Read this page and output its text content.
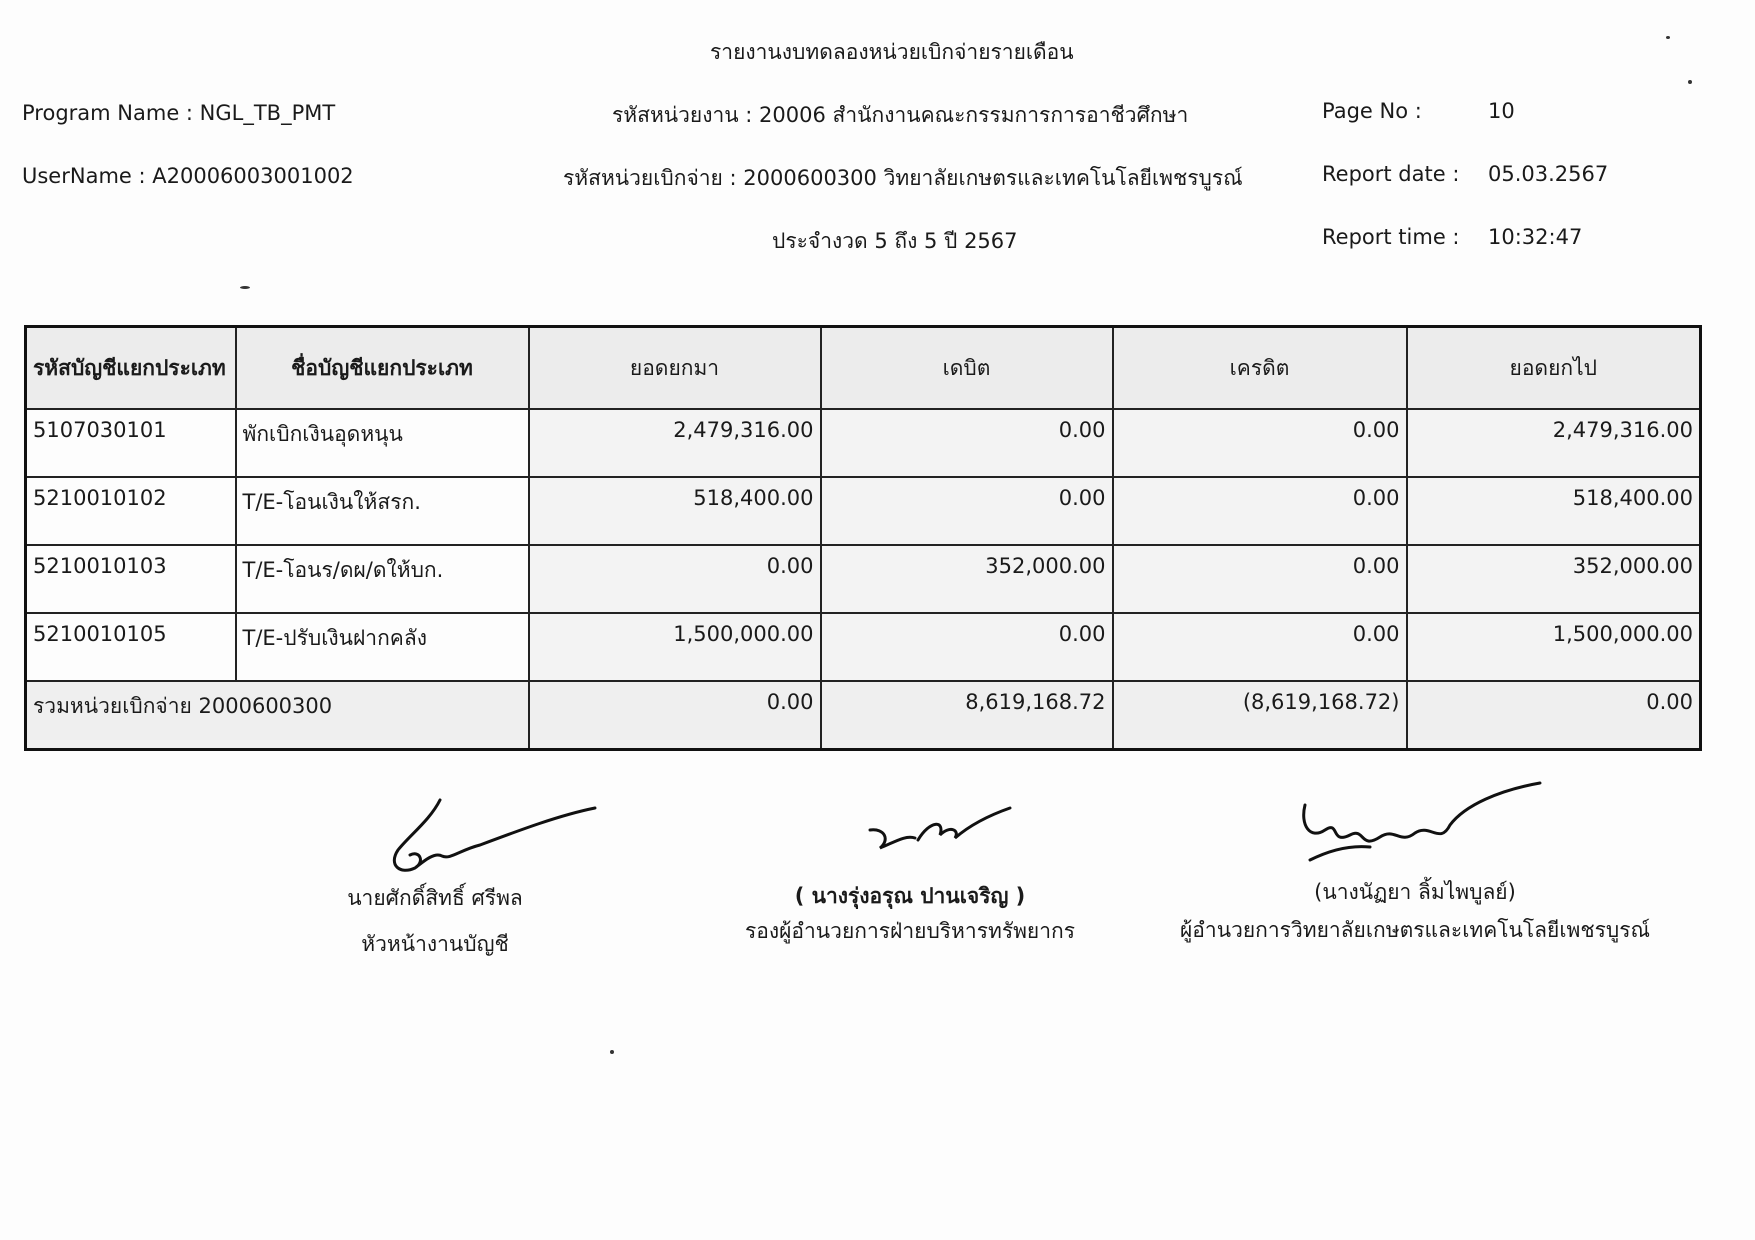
รายงานงบทดลองหน่วยเบิกจ่ายรายเดือน
Program Name : NGL_TB_PMT
UserName : A20006003001002
รหัสหน่วยงาน : 20006 สำนักงานคณะกรรมการการอาชีวศึกษา
รหัสหน่วยเบิกจ่าย : 2000600300 วิทยาลัยเกษตรและเทคโนโลยีเพชรบูรณ์
ประจำงวด 5 ถึง 5 ปี 2567
Page No :	10
Report date : 05.03.2567
Report time : 10:32:47
รหัสบัญชีแยกประเภท	ชื่อบัญชีแยกประเภท	ยอดยกมา	เดบิต	เครดิต	ยอดยกไป
5107030101	พักเบิกเงินอุดหนุน	2,479,316.00	0.00	0.00	2,479,316.00
5210010102	T/E-โอนเงินให้สรก.	518,400.00	0.00	0.00	518,400.00
5210010103	T/E-โอนร/ดผ/ดให้บก.	0.00	352,000.00	0.00	352,000.00
5210010105	T/E-ปรับเงินฝากคลัง	1,500,000.00	0.00	0.00	1,500,000.00
รวมหน่วยเบิกจ่าย 2000600300		0.00	8,619,168.72	(8,619,168.72)	0.00
นายศักดิ์สิทธิ์ ศรีพล
หัวหน้างานบัญชี
( นางรุ่งอรุณ ปานเจริญ )
รองผู้อำนวยการฝ่ายบริหารทรัพยากร
(นางนัฏยา ลิ้มไพบูลย์)
ผู้อำนวยการวิทยาลัยเกษตรและเทคโนโลยีเพชรบูรณ์
